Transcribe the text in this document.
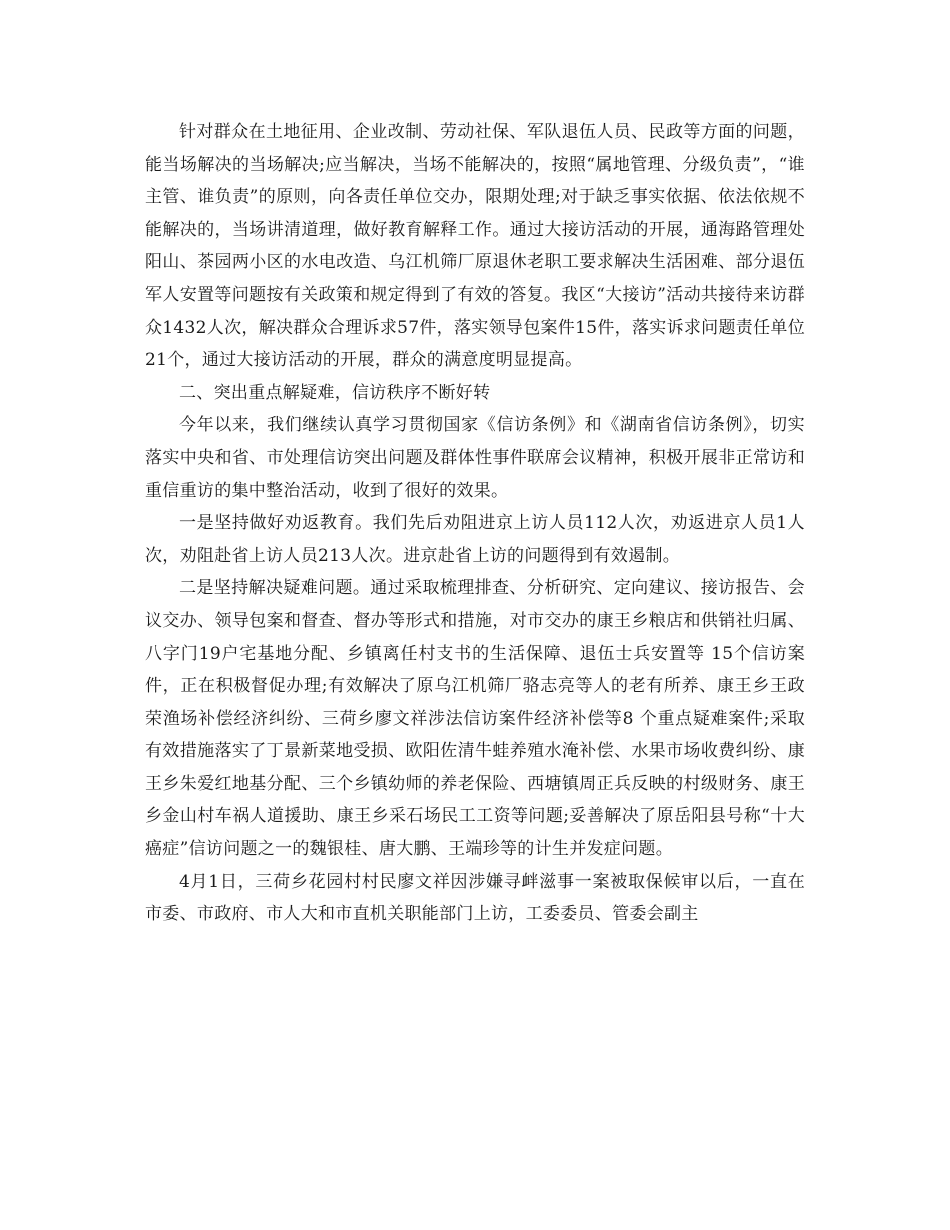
针对群众在土地征用、企业改制、劳动社保、军队退伍人员、民政等方面的问题，能当场解决的当场解决;应当解决，当场不能解决的，按照“属地管理、分级负责”，“谁主管、谁负责”的原则，向各责任单位交办，限期处理;对于缺乏事实依据、依法依规不能解决的，当场讲清道理，做好教育解释工作。通过大接访活动的开展，通海路管理处阳山、茶园两小区的水电改造、乌江机筛厂原退休老职工要求解决生活困难、部分退伍军人安置等问题按有关政策和规定得到了有效的答复。我区“大接访”活动共接待来访群众1432人次，解决群众合理诉求57件，落实领导包案件15件，落实诉求问题责任单位21个，通过大接访活动的开展，群众的满意度明显提高。

二、突出重点解疑难，信访秩序不断好转

今年以来，我们继续认真学习贯彻国家《信访条例》和《湖南省信访条例》，切实落实中央和省、市处理信访突出问题及群体性事件联席会议精神，积极开展非正常访和重信重访的集中整治活动，收到了很好的效果。

一是坚持做好劝返教育。我们先后劝阻进京上访人员112人次，劝返进京人员1人次，劝阻赴省上访人员213人次。进京赴省上访的问题得到有效遏制。

二是坚持解决疑难问题。通过采取梳理排查、分析研究、定向建议、接访报告、会议交办、领导包案和督查、督办等形式和措施，对市交办的康王乡粮店和供销社归属、八字门19户宅基地分配、乡镇离任村支书的生活保障、退伍士兵安置等 15个信访案件，正在积极督促办理;有效解决了原乌江机筛厂骆志亮等人的老有所养、康王乡王政荣渔场补偿经济纠纷、三荷乡廖文祥涉法信访案件经济补偿等8 个重点疑难案件;采取有效措施落实了丁景新菜地受损、欧阳佐清牛蛙养殖水淹补偿、水果市场收费纠纷、康王乡朱爱红地基分配、三个乡镇幼师的养老保险、西塘镇周正兵反映的村级财务、康王乡金山村车祸人道援助、康王乡采石场民工工资等问题;妥善解决了原岳阳县号称“十大癌症”信访问题之一的魏银桂、唐大鹏、王端珍等的计生并发症问题。

4月1日，三荷乡花园村村民廖文祥因涉嫌寻衅滋事一案被取保候审以后，一直在市委、市政府、市人大和市直机关职能部门上访，工委委员、管委会副主
